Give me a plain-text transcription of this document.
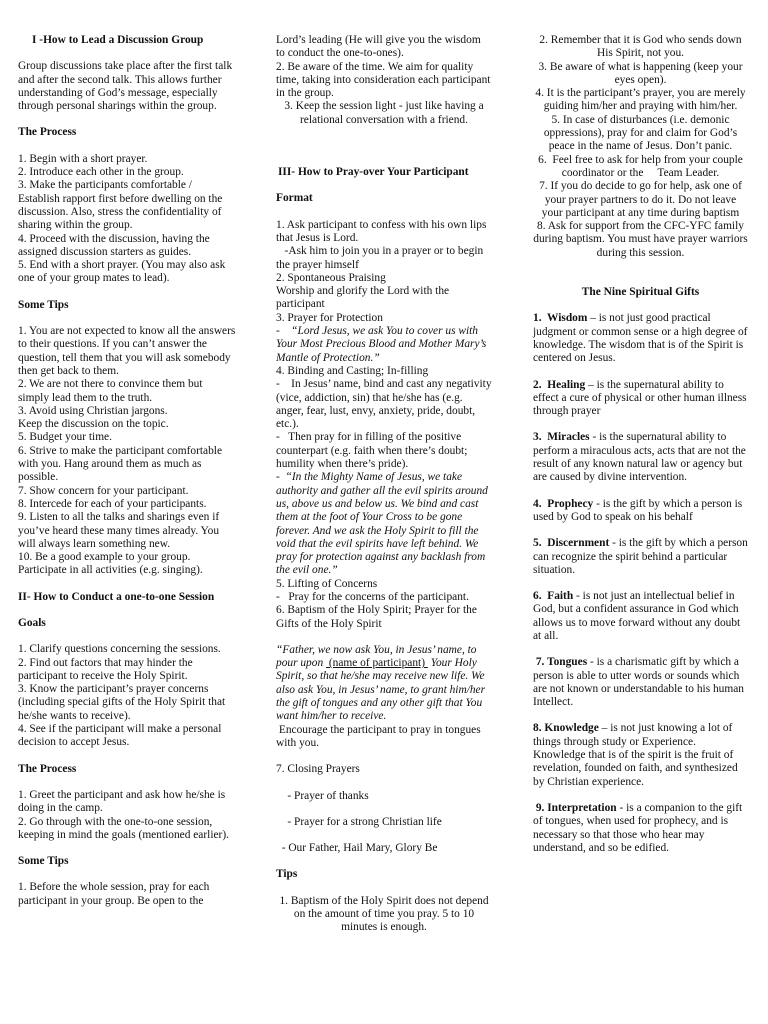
I -How to Lead a Discussion Group

Group discussions take place after the first talk and after the second talk. This allows further understanding of God’s message, especially through personal sharings within the group.

The Process

1. Begin with a short prayer.

2. Introduce each other in the group.

3. Make the participants comfortable / Establish rapport first before dwelling on the discussion. Also, stress the confidentiality of sharing within the group.

4. Proceed with the discussion, having the assigned discussion starters as guides.

5. End with a short prayer. (You may also ask one of your group mates to lead).

Some Tips

1. You are not expected to know all the answers to their questions. If you can’t answer the question, tell them that you will ask somebody then get back to them.

2. We are not there to convince them but simply lead them to the truth.

3. Avoid using Christian jargons.

Keep the discussion on the topic.

5. Budget your time.

6. Strive to make the participant comfortable with you. Hang around them as much as possible.

7. Show concern for your participant.

8. Intercede for each of your participants.

9. Listen to all the talks and sharings even if you’ve heard these many times already. You will always learn something new.

10. Be a good example to your group. Participate in all activities (e.g. singing).

II- How to Conduct a one-to-one Session

Goals

1. Clarify questions concerning the sessions.

2. Find out factors that may hinder the participant to receive the Holy Spirit.

3. Know the participant’s prayer concerns (including special gifts of the Holy Spirit that he/she wants to receive).

4. See if the participant will make a personal decision to accept Jesus.

The Process

1. Greet the participant and ask how he/she is doing in the camp.

2. Go through with the one-to-one session, keeping in mind the goals (mentioned earlier).

Some Tips

1. Before the whole session, pray for each participant in your group. Be open to the

Lord’s leading (He will give you the wisdom to conduct the one-to-ones).

2. Be aware of the time. We aim for quality time, taking into consideration each participant in the group.

3. Keep the session light - just like having a relational conversation with a friend.

III- How to Pray-over Your Participant

Format

1. Ask participant to confess with his own lips that Jesus is Lord.

-Ask him to join you in a prayer or to begin the prayer himself

2. Spontaneous Praising

Worship and glorify the Lord with the participant

3. Prayer for Protection

-    “Lord Jesus, we ask You to cover us with Your Most Precious Blood and Mother Mary’s Mantle of Protection.”

4. Binding and Casting; In-filling

-    In Jesus’ name, bind and cast any negativity (vice, addiction, sin) that he/she has (e.g. anger, fear, lust, envy, anxiety, pride, doubt, etc.).

-   Then pray for in filling of the positive counterpart (e.g. faith when there’s doubt; humility when there’s pride).

-  “In the Mighty Name of Jesus, we take authority and gather all the evil spirits around us, above us and below us. We bind and cast them at the foot of Your Cross to be gone forever. And we ask the Holy Spirit to fill the void that the evil spirits have left behind. We pray for protection against any backlash from the evil one.”

5. Lifting of Concerns

-   Pray for the concerns of the participant.

6. Baptism of the Holy Spirit; Prayer for the Gifts of the Holy Spirit

“Father, we now ask You, in Jesus’ name, to pour upon  (name of participant)  Your Holy Spirit, so that he/she may receive new life. We also ask You, in Jesus’ name, to grant him/her the gift of tongues and any other gift that You want him/her to receive.

Encourage the participant to pray in tongues with you.

7. Closing Prayers

- Prayer of thanks

- Prayer for a strong Christian life

- Our Father, Hail Mary, Glory Be

Tips

1. Baptism of the Holy Spirit does not depend on the amount of time you pray. 5 to 10 minutes is enough.

2. Remember that it is God who sends down His Spirit, not you.

3. Be aware of what is happening (keep your eyes open).

4. It is the participant’s prayer, you are merely guiding him/her and praying with him/her.

5. In case of disturbances (i.e. demonic oppressions), pray for and claim for God’s peace in the name of Jesus. Don’t panic.

6.  Feel free to ask for help from your couple coordinator or the     Team Leader.

7. If you do decide to go for help, ask one of your prayer partners to do it. Do not leave your participant at any time during baptism

8. Ask for support from the CFC-YFC family during baptism. You must have prayer warriors during this session.

The Nine Spiritual Gifts

1.  Wisdom – is not just good practical judgment or common sense or a high degree of knowledge. The wisdom that is of the Spirit is centered on Jesus.

2.  Healing – is the supernatural ability to effect a cure of physical or other human illness through prayer

3.  Miracles - is the supernatural ability to perform a miraculous acts, acts that are not the result of any known natural law or agency but are caused by divine intervention.

4.  Prophecy - is the gift by which a person is used by God to speak on his behalf

5.  Discernment - is the gift by which a person can recognize the spirit behind a particular situation.

6.  Faith - is not just an intellectual belief in God, but a confident assurance in God which allows us to move forward without any doubt at all.

7. Tongues - is a charismatic gift by which a person is able to utter words or sounds which are not known or understandable to his human Intellect.

8. Knowledge – is not just knowing a lot of things through study or Experience. Knowledge that is of the spirit is the fruit of revelation, founded on faith, and synthesized by Christian experience.

9. Interpretation - is a companion to the gift of tongues, when used for prophecy, and is necessary so that those who hear may understand, and so be edified.
